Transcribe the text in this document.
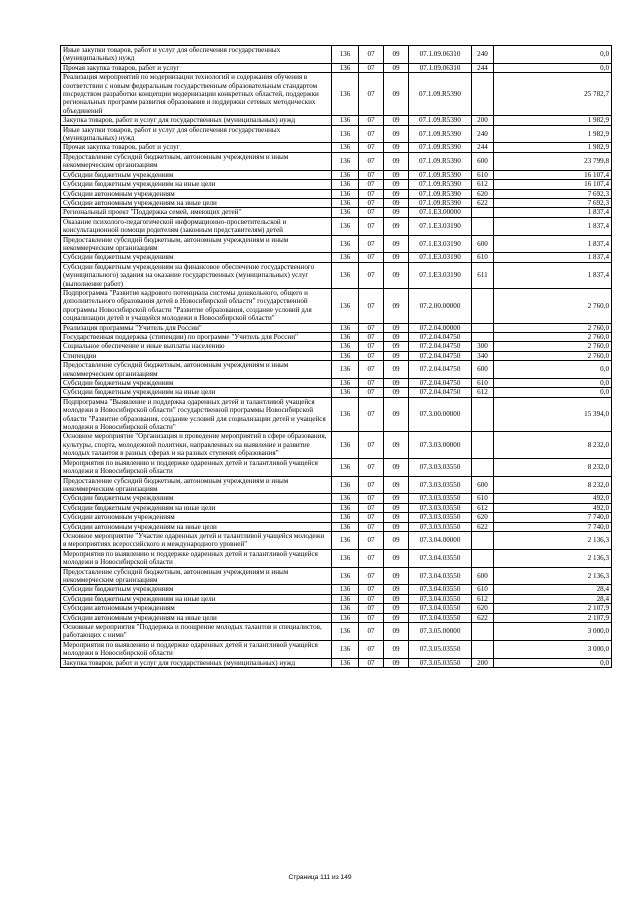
Иные закупки товаров, работ и услуг для обеспечения государственных (муниципальных) нужд	136	07	09	07.1.09.06310	240	0,0
Прочая закупка товаров, работ и услуг	136	07	09	07.1.09.06310	244	0,0
Реализация мероприятий по модернизации технологий и содержания обучения в соответствии с новым федеральным государственным образовательным стандартом посредством разработки концепции модернизации конкретных областей, поддержки региональных программ развития образования и поддержки сетевых методических объединений	136	07	09	07.1.09.R5390		25 782,7
Закупка товаров, работ и услуг для государственных (муниципальных) нужд	136	07	09	07.1.09.R5390	200	1 982,9
Иные закупки товаров, работ и услуг для обеспечения государственных (муниципальных) нужд	136	07	09	07.1.09.R5390	240	1 982,9
Прочая закупка товаров, работ и услуг	136	07	09	07.1.09.R5390	244	1 982,9
Предоставление субсидий бюджетным, автономным учреждениям и иным некоммерческим организациям	136	07	09	07.1.09.R5390	600	23 799,8
Субсидии бюджетным учреждениям	136	07	09	07.1.09.R5390	610	16 107,4
Субсидии бюджетным учреждениям на иные цели	136	07	09	07.1.09.R5390	612	16 107,4
Субсидии автономным учреждениям	136	07	09	07.1.09.R5390	620	7 692,3
Субсидии автономным учреждениям на иные цели	136	07	09	07.1.09.R5390	622	7 692,3
Региональный проект "Поддержка семей, имеющих детей"	136	07	09	07.1.E3.00000		1 837,4
Оказание психолого-педагогической информационно-просветительской и консультационной помощи родителям (законным представителям) детей	136	07	09	07.1.E3.03190		1 837,4
Предоставление субсидий бюджетным, автономным учреждениям и иным некоммерческим организациям	136	07	09	07.1.E3.03190	600	1 837,4
Субсидии бюджетным учреждениям	136	07	09	07.1.E3.03190	610	1 837,4
Субсидии бюджетным учреждениям на финансовое обеспечение государственного (муниципального) задания на оказание государственных (муниципальных) услуг (выполнение работ)	136	07	09	07.1.E3.03190	611	1 837,4
Подпрограмма "Развитие кадрового потенциала системы дошкольного, общего и дополнительного образования детей в Новосибирской области" государственной программы Новосибирской области "Развитие образования, создание условий для социализации детей и учащейся молодежи в Новосибирской области"	136	07	09	07.2.00.00000		2 760,0
Реализация программы "Учитель для России"	136	07	09	07.2.04.00000		2 760,0
Государственная поддержка (стипендии) по программе "Учитель для России"	136	07	09	07.2.04.04750		2 760,0
Социальное обеспечение и иные выплаты населению	136	07	09	07.2.04.04750	300	2 760,0
Стипендии	136	07	09	07.2.04.04750	340	2 760,0
Предоставление субсидий бюджетным, автономным учреждениям и иным некоммерческим организациям	136	07	09	07.2.04.04750	600	0,0
Субсидии бюджетным учреждениям	136	07	09	07.2.04.04750	610	0,0
Субсидии бюджетным учреждениям на иные цели	136	07	09	07.2.04.04750	612	0,0
Подпрограмма "Выявление и поддержка одаренных детей и талантливой учащейся молодежи в Новосибирской области" государственной программы Новосибирской области "Развитие образования, создание условий для социализации детей и учащейся молодежи в Новосибирской области"	136	07	09	07.3.00.00000		15 394,0
Основное мероприятие "Организация и проведение мероприятий в сфере образования, культуры, спорта, молодежной политики, направленных на выявление и развитие молодых талантов в разных сферах и на разных ступенях образования"	136	07	09	07.3.03.00000		8 232,0
Мероприятия по выявлению и поддержке одаренных детей и талантливой учащейся молодежи в Новосибирской области	136	07	09	07.3.03.03550		8 232,0
Предоставление субсидий бюджетным, автономным учреждениям и иным некоммерческим организациям	136	07	09	07.3.03.03550	600	8 232,0
Субсидии бюджетным учреждениям	136	07	09	07.3.03.03550	610	492,0
Субсидии бюджетным учреждениям на иные цели	136	07	09	07.3.03.03550	612	492,0
Субсидии автономным учреждениям	136	07	09	07.3.03.03550	620	7 740,0
Субсидии автономным учреждениям на иные цели	136	07	09	07.3.03.03550	622	7 740,0
Основное мероприятие "Участие одаренных детей и талантливой учащейся молодежи в мероприятиях всероссийского и международного уровней"	136	07	09	07.3.04.00000		2 136,3
Мероприятия по выявлению и поддержке одаренных детей и талантливой учащейся молодежи в Новосибирской области	136	07	09	07.3.04.03550		2 136,3
Предоставление субсидий бюджетным, автономным учреждениям и иным некоммерческим организациям	136	07	09	07.3.04.03550	600	2 136,3
Субсидии бюджетным учреждениям	136	07	09	07.3.04.03550	610	28,4
Субсидии бюджетным учреждениям на иные цели	136	07	09	07.3.04.03550	612	28,4
Субсидии автономным учреждениям	136	07	09	07.3.04.03550	620	2 107,9
Субсидии автономным учреждениям на иные цели	136	07	09	07.3.04.03550	622	2 107,9
Основные мероприятия "Поддержка и поощрение молодых талантов и специалистов, работающих с ними"	136	07	09	07.3.05.00000		3 000,0
Мероприятия по выявлению и поддержке одаренных детей и талантливой учащейся молодежи в Новосибирской области	136	07	09	07.3.05.03550		3 000,0
Закупка товаров, работ и услуг для государственных (муниципальных) нужд	136	07	09	07.3.05.03550	200	0,0
Страница 111 из 149
